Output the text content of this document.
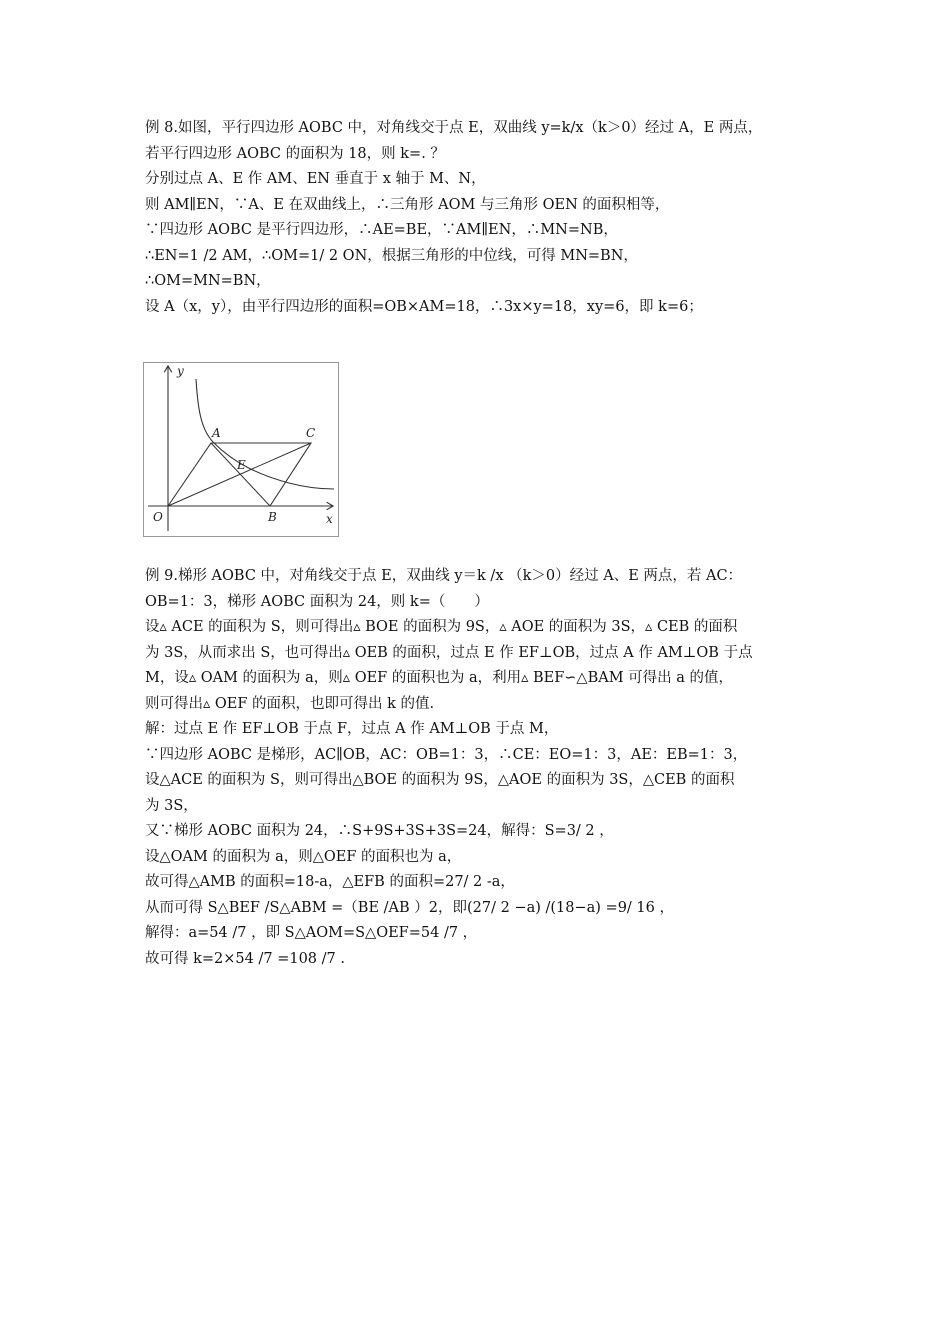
例 8.如图，平行四边形 AOBC 中，对角线交于点 E，双曲线 y=k/x（k＞0）经过 A，E 两点，
若平行四边形 AOBC 的面积为 18，则 k=. ？
分别过点 A、E 作 AM、EN 垂直于 x 轴于 M、N，
则 AM∥EN，∵A、E 在双曲线上，∴三角形 AOM 与三角形 OEN 的面积相等，
∵四边形 AOBC 是平行四边形，∴AE=BE，∵AM∥EN，∴MN=NB，
∴EN=1 /2 AM，∴OM=1/ 2 ON，根据三角形的中位线，可得 MN=BN，
∴OM=MN=BN，
设 A（x，y），由平行四边形的面积=OB×AM=18，∴3x×y=18，xy=6，即 k=6；
y
x
O
A	C
E
B
例 9.梯形 AOBC 中，对角线交于点 E，双曲线 y＝k /x （k＞0）经过 A、E 两点，若 AC：
OB=1：3，梯形 AOBC 面积为 24，则 k=（　　）
设▵ ACE 的面积为 S，则可得出▵ BOE 的面积为 9S，▵ AOE 的面积为 3S，▵ CEB 的面积
为 3S，从而求出 S，也可得出▵ OEB 的面积，过点 E 作 EF⊥OB，过点 A 作 AM⊥OB 于点
M，设▵ OAM 的面积为 a，则▵ OEF 的面积也为 a，利用▵ BEF∽△BAM 可得出 a 的值，
则可得出▵ OEF 的面积，也即可得出 k 的值.
解：过点 E 作 EF⊥OB 于点 F，过点 A 作 AM⊥OB 于点 M，
∵四边形 AOBC 是梯形，AC∥OB，AC：OB=1：3，∴CE：EO=1：3，AE：EB=1：3，
设△ACE 的面积为 S，则可得出△BOE 的面积为 9S，△AOE 的面积为 3S，△CEB 的面积
为 3S，
又∵梯形 AOBC 面积为 24，∴S+9S+3S+3S=24，解得：S=3/ 2 ，
设△OAM 的面积为 a，则△OEF 的面积也为 a，
故可得△AMB 的面积=18-a，△EFB 的面积=27/ 2 -a，
从而可得 S△BEF /S△ABM =（BE /AB ）2，即(27/ 2 −a) /(18−a) =9/ 16 ，
解得：a=54 /7 ，即 S△AOM=S△OEF=54 /7 ，
故可得 k=2×54 /7 =108 /7 .
